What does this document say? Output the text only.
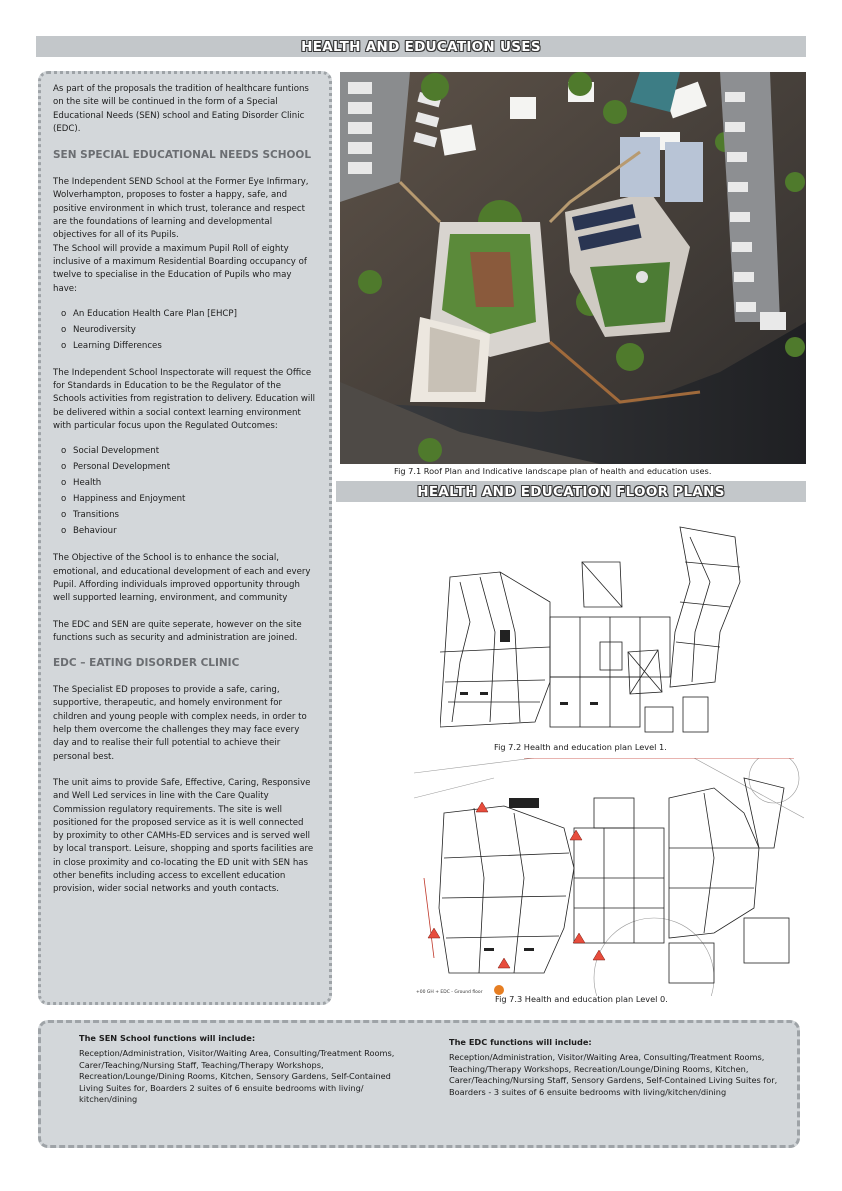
HEALTH AND EDUCATION USES

As part of the proposals the tradition of healthcare funtions on the site will be continued in the form of a Special Educational Needs (SEN) school and Eating Disorder Clinic (EDC).

SEN SPECIAL EDUCATIONAL NEEDS SCHOOL

The Independent SEND School at the Former Eye Infirmary, Wolverhampton, proposes to foster a happy, safe, and positive environment in which trust, tolerance and respect are the foundations of learning and developmental objectives for all of its Pupils.

The School will provide a maximum Pupil Roll of eighty inclusive of a maximum Residential Boarding occupancy of twelve to specialise in the Education of Pupils who may have:

o An Education Health Care Plan [EHCP]
o Neurodiversity
o Learning Differences

The Independent School Inspectorate will request the Office for Standards in Education to be the Regulator of the Schools activities from registration to delivery. Education will be delivered within a social context learning environment with particular focus upon the Regulated Outcomes:

o Social Development
o Personal Development
o Health
o Happiness and Enjoyment
o Transitions
o Behaviour

The Objective of the School is to enhance the social, emotional, and educational development of each and every Pupil. Affording individuals improved opportunity through well supported learning, environment, and community

The EDC and SEN are quite seperate, however on the site functions such as security and administration are joined.

EDC – EATING DISORDER CLINIC

The Specialist ED proposes to provide a safe, caring, supportive, therapeutic, and homely environment for children and young people with complex needs, in order to help them overcome the challenges they may face every day and to realise their full potential to achieve their personal best.

The unit aims to provide Safe, Effective, Caring, Responsive and Well Led services in line with the Care Quality Commission regulatory requirements. The site is well positioned for the proposed service as it is well connected by proximity to other CAMHs-ED services and is served well by local transport. Leisure, shopping and sports facilities are in close proximity and co-locating the ED unit with SEN has other benefits including access to excellent education provision, wider social networks and youth contacts.

Fig 7.1 Roof Plan and Indicative landscape plan of health and education uses.
HEALTH AND EDUCATION FLOOR PLANS
Fig 7.2 Health and education plan Level 1.
+00 GH + EDC - Ground floor
Fig 7.3 Health and education plan Level 0.
The SEN School functions will include:
Reception/Administration, Visitor/Waiting Area, Consulting/Treatment Rooms, Carer/Teaching/Nursing Staff, Teaching/Therapy Workshops, Recreation/Lounge/Dining Rooms, Kitchen, Sensory Gardens, Self-Contained Living Suites for, Boarders 2 suites of 6 ensuite bedrooms with living/ kitchen/dining
The EDC functions will include:
Reception/Administration, Visitor/Waiting Area, Consulting/Treatment Rooms, Teaching/Therapy Workshops, Recreation/Lounge/Dining Rooms, Kitchen, Carer/Teaching/Nursing Staff, Sensory Gardens, Self-Contained Living Suites for, Boarders - 3 suites of 6 ensuite bedrooms with living/kitchen/dining
